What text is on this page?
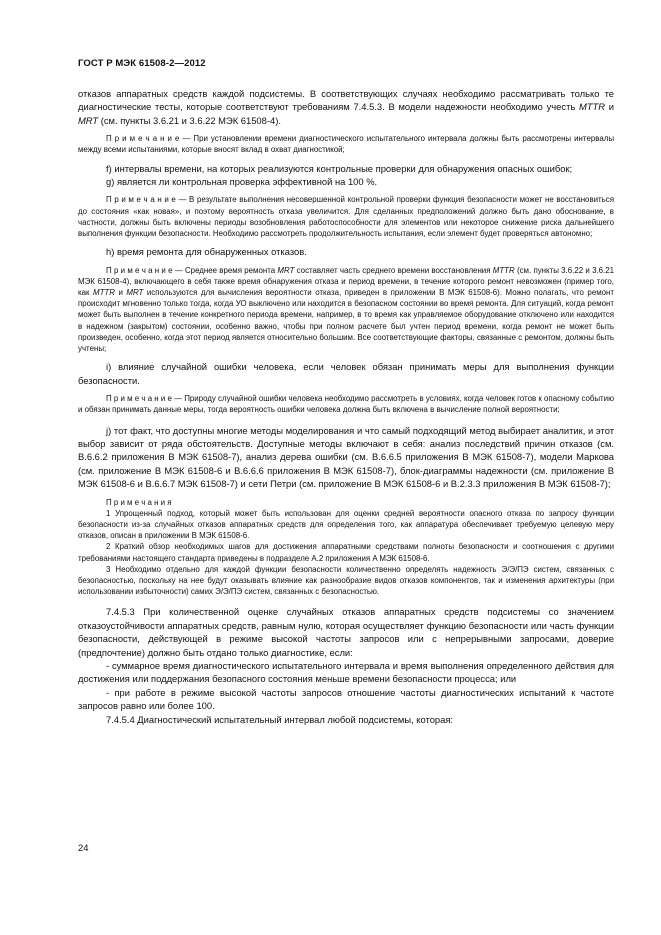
ГОСТ Р МЭК 61508-2—2012

отказов аппаратных средств каждой подсистемы. В соответствующих случаях необходимо рассматривать только те диагностические тесты, которые соответствуют требованиям 7.4.5.3. В модели надежности необходимо учесть MTTR и MRT (см. пункты 3.6.21 и 3.6.22 МЭК 61508-4).

П р и м е ч а н и е — При установлении времени диагностического испытательного интервала должны быть рассмотрены интервалы между всеми испытаниями, которые вносят вклад в охват диагностикой;

f) интервалы времени, на которых реализуются контрольные проверки для обнаружения опасных ошибок;

g) является ли контрольная проверка эффективной на 100 %.

П р и м е ч а н и е — В результате выполнения несовершенной контрольной проверки функция безопасности может не восстановиться до состояния «как новая», и поэтому вероятность отказа увеличится. Для сделанных предположений должно быть дано обоснование, в частности, должны быть включены периоды возобновления работоспособности для элементов или некоторое снижение риска дальнейшего выполнения функции безопасности. Необходимо рассмотреть продолжительность испытания, если элемент будет проверяться автономно;

h) время ремонта для обнаруженных отказов.

П р и м е ч а н и е — Среднее время ремонта MRT составляет часть среднего времени восстановления MTTR (см. пункты 3.6.22 и 3.6.21 МЭК 61508-4), включающего в себя также время обнаружения отказа и период времени, в течение которого ремонт невозможен (пример того, как MTTR и MRT используются для вычисления вероятности отказа, приведен в приложении B МЭК 61508-6). Можно полагать, что ремонт происходит мгновенно только тогда, когда УО выключено или находится в безопасном состоянии во время ремонта. Для ситуаций, когда ремонт может быть выполнен в течение конкретного периода времени, например, в то время как управляемое оборудование отключено или находится в надежном (закрытом) состоянии, особенно важно, чтобы при полном расчете был учтен период времени, когда ремонт не может быть произведен, особенно, когда этот период является относительно большим. Все соответствующие факторы, связанные с ремонтом, должны быть учтены;

i) влияние случайной ошибки человека, если человек обязан принимать меры для выполнения функции безопасности.

П р и м е ч а н и е — Природу случайной ошибки человека необходимо рассмотреть в условиях, когда человек готов к опасному событию и обязан принимать данные меры, тогда вероятность ошибки человека должна быть включена в вычисление полной вероятности;

j) тот факт, что доступны многие методы моделирования и что самый подходящий метод выбирает аналитик, и этот выбор зависит от ряда обстоятельств. Доступные методы включают в себя: анализ последствий причин отказов (см. B.6.6.2 приложения B МЭК 61508-7), анализ дерева ошибки (см. B.6.6.5 приложения B МЭК 61508-7), модели Маркова (см. приложение B МЭК 61508-6 и B.6.6.6 приложения B МЭК 61508-7), блок-диаграммы надежности (см. приложение B МЭК 61508-6 и B.6.6.7 МЭК 61508-7) и сети Петри (см. приложение B МЭК 61508-6 и B.2.3.3 приложения B МЭК 61508-7);

П р и м е ч а н и я

1 Упрощенный подход, который может быть использован для оценки средней вероятности опасного отказа по запросу функции безопасности из-за случайных отказов аппаратных средств для определения того, как аппаратура обеспечивает требуемую целевую меру отказов, описан в приложении B МЭК 61508-6.

2 Краткий обзор необходимых шагов для достижения аппаратными средствами полноты безопасности и соотношения с другими требованиями настоящего стандарта приведены в подразделе A.2 приложения A МЭК 61508-6.

3 Необходимо отдельно для каждой функции безопасности количественно определять надежность Э/Э/ПЭ систем, связанных с безопасностью, поскольку на нее будут оказывать влияние как разнообразие видов отказов компонентов, так и изменения архитектуры (при использовании избыточности) самих Э/Э/ПЭ систем, связанных с безопасностью.

7.4.5.3 При количественной оценке случайных отказов аппаратных средств подсистемы со значением отказоустойчивости аппаратных средств, равным нулю, которая осуществляет функцию безопасности или часть функции безопасности, действующей в режиме высокой частоты запросов или с непрерывными запросами, доверие (предпочтение) должно быть отдано только диагностике, если:

- суммарное время диагностического испытательного интервала и время выполнения определенного действия для достижения или поддержания безопасного состояния меньше времени безопасности процесса; или

- при работе в режиме высокой частоты запросов отношение частоты диагностических испытаний к частоте запросов равно или более 100.

7.4.5.4 Диагностический испытательный интервал любой подсистемы, которая:

24
